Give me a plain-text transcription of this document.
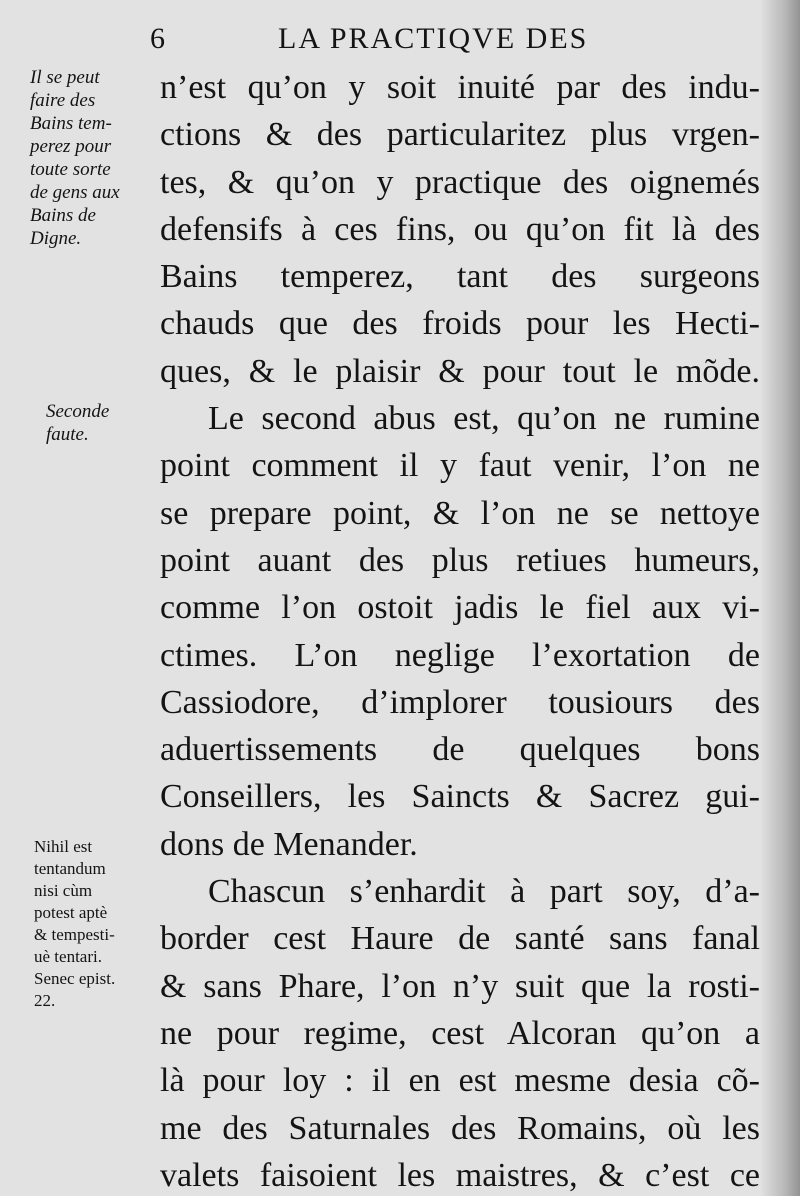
6	LA PRACTIQVE DES
Il se peut
faire des
Bains tem-
perez pour
toute sorte
de gens aux
Bains de
Digne.
Seconde
faute.
Nihil est
tentandum
nisi cùm
potest aptè
& tempesti-
uè tentari.
Senec epist.
22.
n’est qu’on y soit inuité par des indu-
ctions & des particularitez plus vrgen-
tes, & qu’on y practique des oignemés
defensifs à ces fins, ou qu’on fit là des
Bains temperez, tant des surgeons
chauds que des froids pour les Hecti-
ques, & le plaisir & pour tout le mõde.
Le second abus est, qu’on ne rumine
point comment il y faut venir, l’on ne
se prepare point, & l’on ne se nettoye
point auant des plus retiues humeurs,
comme l’on ostoit jadis le fiel aux vi-
ctimes. L’on neglige l’exortation de
Cassiodore, d’implorer tousiours des
aduertissements de quelques bons
Conseillers, les Saincts & Sacrez gui-
dons de Menander.
Chascun s’enhardit à part soy, d’a-
border cest Haure de santé sans fanal
& sans Phare, l’on n’y suit que la rosti-
ne pour regime, cest Alcoran qu’on a
là pour loy : il en est mesme desia cõ-
me des Saturnales des Romains, où les
valets faisoient les maistres, & c’est ce
